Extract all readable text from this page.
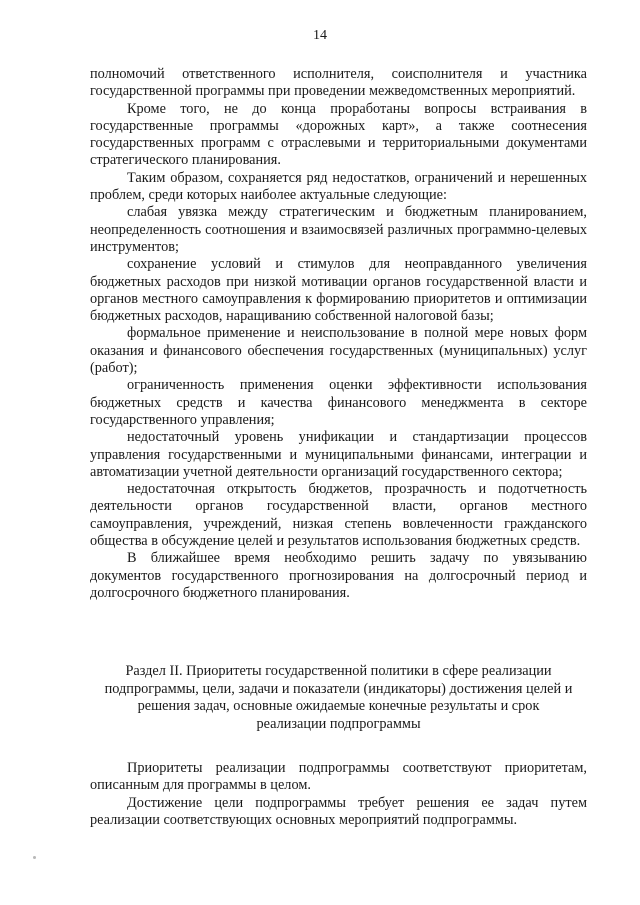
14

полномочий ответственного исполнителя, соисполнителя и участника государственной программы при проведении межведомственных мероприятий.

Кроме того, не до конца проработаны вопросы встраивания в государственные программы «дорожных карт», а также соотнесения государственных программ с отраслевыми и территориальными документами стратегического планирования.

Таким образом, сохраняется ряд недостатков, ограничений и нерешенных проблем, среди которых наиболее актуальные следующие:

слабая увязка между стратегическим и бюджетным планированием, неопределенность соотношения и взаимосвязей различных программно-целевых инструментов;

сохранение условий и стимулов для неоправданного увеличения бюджетных расходов при низкой мотивации органов государственной власти и органов местного самоуправления к формированию приоритетов и оптимизации бюджетных расходов, наращиванию собственной налоговой базы;

формальное применение и неиспользование в полной мере новых форм оказания и финансового обеспечения государственных (муниципальных) услуг (работ);

ограниченность применения оценки эффективности использования бюджетных средств и качества финансового менеджмента в секторе государственного управления;

недостаточный уровень унификации и стандартизации процессов управления государственными и муниципальными финансами, интеграции и автоматизации учетной деятельности организаций государственного сектора;

недостаточная открытость бюджетов, прозрачность и подотчетность деятельности органов государственной власти, органов местного самоуправления, учреждений, низкая степень вовлеченности гражданского общества в обсуждение целей и результатов использования бюджетных средств.

В ближайшее время необходимо решить задачу по увязыванию документов государственного прогнозирования на долгосрочный период и долгосрочного бюджетного планирования.

Раздел II. Приоритеты государственной политики в сфере реализации
подпрограммы, цели, задачи и показатели (индикаторы) достижения целей и
решения задач, основные ожидаемые конечные результаты и срок
реализации подпрограммы

Приоритеты реализации подпрограммы соответствуют приоритетам, описанным для программы в целом.

Достижение цели подпрограммы требует решения ее задач путем реализации соответствующих основных мероприятий подпрограммы.
